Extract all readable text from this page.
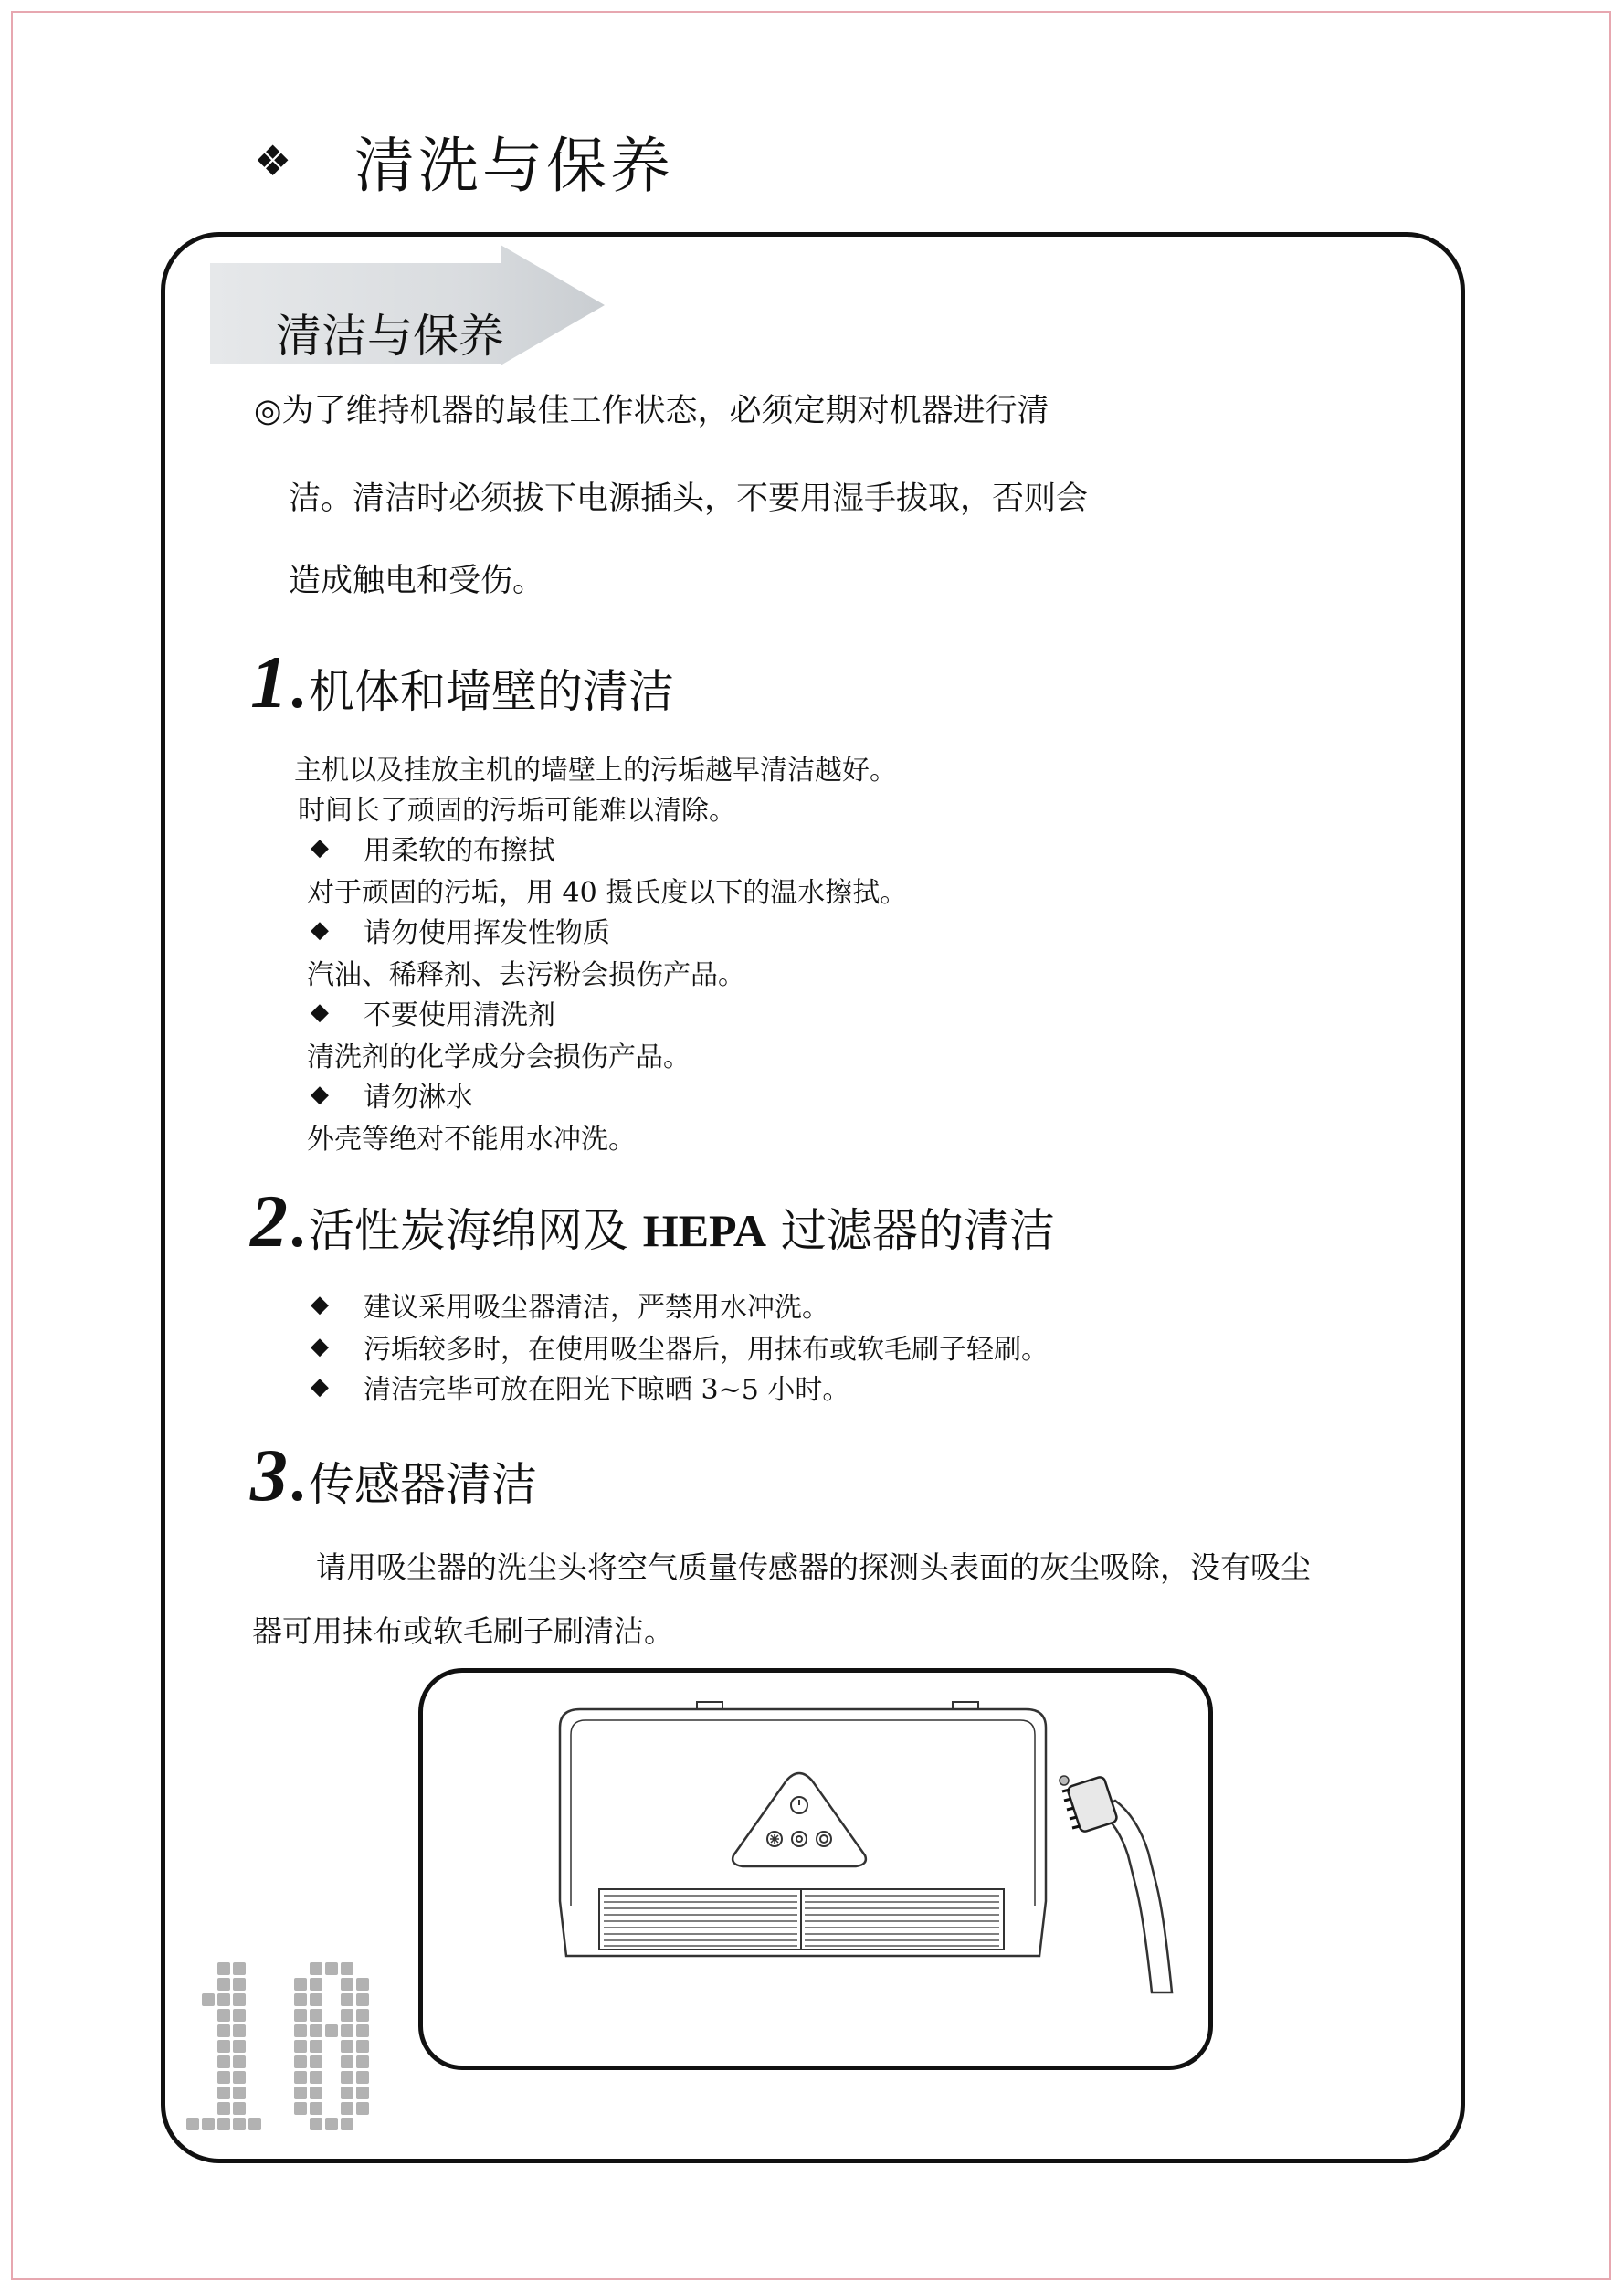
❖	清洗与保养
清洁与保养
◎为了维持机器的最佳工作状态，必须定期对机器进行清
洁。清洁时必须拔下电源插头，不要用湿手拔取，否则会
造成触电和受伤。
1 . 机体和墙壁的清洁
主机以及挂放主机的墙壁上的污垢越早清洁越好。
时间长了顽固的污垢可能难以清除。
◆	用柔软的布擦拭
对于顽固的污垢，用 40 摄氏度以下的温水擦拭。
◆	请勿使用挥发性物质
汽油、稀释剂、去污粉会损伤产品。
◆	不要使用清洗剂
清洗剂的化学成分会损伤产品。
◆	请勿淋水
外壳等绝对不能用水冲洗。
2 . 活性炭海绵网及 HEPA 过滤器的清洁
◆	建议采用吸尘器清洁，严禁用水冲洗。
◆	污垢较多时，在使用吸尘器后，用抹布或软毛刷子轻刷。
◆	清洁完毕可放在阳光下晾晒 3~5 小时。
3 . 传感器清洁
请用吸尘器的洗尘头将空气质量传感器的探测头表面的灰尘吸除，没有吸尘
器可用抹布或软毛刷子刷清洁。
